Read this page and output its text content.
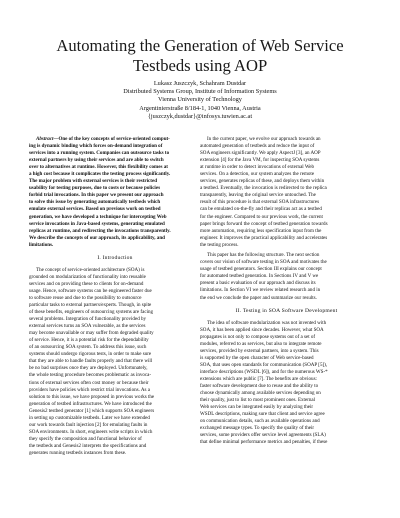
Automating the Generation of Web Service
Testbeds using AOP
Lukasz Juszczyk, Schahram Dustdar
Distributed Systems Group, Institute of Information Systems
Vienna University of Technology
Argentinierstraße 8/184-1, 1040 Vienna, Austria
{juszczyk,dustdar}@infosys.tuwien.ac.at
Abstract—One of the key concepts of service-oriented comput-
ing is dynamic binding which forces on-demand integration of
services into a running system. Companies can outsource tasks to
external partners by using their services and are able to switch
over to alternatives at runtime. However, this flexibility comes at
a high cost because it complicates the testing process significantly.
The major problem with external services is their restricted
usability for testing purposes, due to costs or because policies
forbid trial invocations. In this paper we present our approach
to solve this issue by generating automatically testbeds which
emulate external services. Based on previous work on testbed
generation, we have developed a technique for intercepting Web
service invocations in Java-based systems, generating emulated
replicas at runtime, and redirecting the invocations transparently.
We describe the concepts of our approach, its applicability, and
limitations.
I. Introduction
The concept of service-oriented architecture (SOA) is
grounded on modularization of functionality into reusable
services and on providing these to clients for on-demand
usage. Hence, software systems can be engineered faster due
to software reuse and due to the possibility to outsource
particular tasks to external partners/experts. Though, in spite
of these benefits, engineers of outsourcing systems are facing
several problems. Integration of functionality provided by
external services turns an SOA vulnerable, as the services
may become unavailable or may suffer from degraded quality
of service. Hence, it is a potential risk for the dependability
of an outsourcing SOA system. To address this issue, such
systems should undergo rigorous tests, in order to make sure
that they are able to handle faults properly and that there will
be no bad surprises once they are deployed. Unfortunately,
the whole testing procedure becomes problematic as invoca-
tions of external services often cost money or because their
providers have policies which restrict trial invocations. As a
solution to this issue, we have proposed in previous works the
generation of testbed infrastructures. We have introduced the
Genesis2 testbed generator [1] which supports SOA engineers
in setting up customizable testbeds. Later we have extended
our work towards fault injection [2] for emulating faults in
SOA environments. In short, engineers write scripts in which
they specify the composition and functional behavior of
the testbeds and Genesis2 interprets the specifications and
generates running testbeds instances from these.
In the current paper, we evolve our approach towards an
automated generation of testbeds and reduce the input of
SOA engineers significantly. We apply AspectJ [3], an AOP
extension [4] for the Java VM, for inspecting SOA systems
at runtime in order to detect invocations of external Web
services. On a detection, our system analyzes the remote
services, generates replicas of these, and deploys them within
a testbed. Eventually, the invocation is redirected to the replica
transparently, leaving the original service untouched. The
result of this procedure is that external SOA infrastructures
can be emulated on-the-fly and their replicas act as a testbed
for the engineer. Compared to our previous work, the current
paper brings forward the concept of testbed generation towards
more automation, requiring less specification input from the
engineer. It improves the practical applicability and accelerates
the testing process.
This paper has the following structure. The next section
covers our vision of software testing in SOA and motivates the
usage of testbed generators. Section III explains our concept
for automated testbed generation. In Sections IV and V we
present a basic evaluation of our approach and discuss its
limitations. In Section VI we review related research and in
the end we conclude the paper and summarize our results.
II. Testing in SOA Software Development
The idea of software modularization was not invented with
SOA, it has been applied since decades. However, what SOA
propagates is not only to compose systems out of a set of
modules, referred to as services, but also to integrate remote
services, provided by external partners, into a system. This
is supported by the open character of Web service-based
SOA, that uses open standards for communication (SOAP [5]),
interface descriptions (WSDL [6]), and for the numerous WS-*
extensions which are public [7]. The benefits are obvious:
faster software development due to reuse and the ability to
choose dynamically among available services depending on
their quality, just to list to most prominent ones. External
Web services can be integrated easily by analyzing their
WSDL descriptions, making sure that client and service agree
on communication details, such as available operations and
exchanged message types. To specify the quality of their
services, some providers offer service level agreements (SLA)
that define minimal performance metrics and penalties, if these
